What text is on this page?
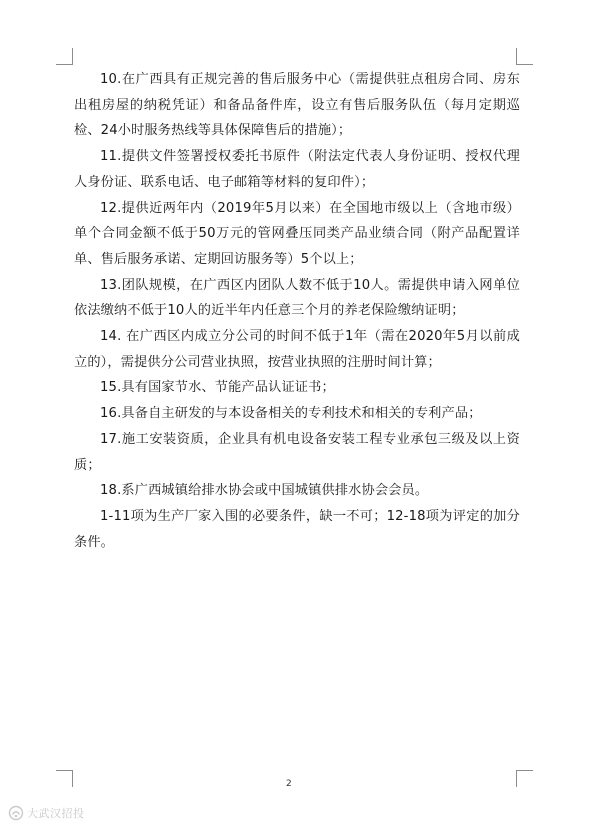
10.在广西具有正规完善的售后服务中心（需提供驻点租房合同、房东出租房屋的纳税凭证）和备品备件库，设立有售后服务队伍（每月定期巡检、24小时服务热线等具体保障售后的措施）；

11.提供文件签署授权委托书原件（附法定代表人身份证明、授权代理人身份证、联系电话、电子邮箱等材料的复印件）；

12.提供近两年内（2019年5月以来）在全国地市级以上（含地市级）单个合同金额不低于50万元的管网叠压同类产品业绩合同（附产品配置详单、售后服务承诺、定期回访服务等）5个以上；

13.团队规模，在广西区内团队人数不低于10人。需提供申请入网单位依法缴纳不低于10人的近半年内任意三个月的养老保险缴纳证明；

14. 在广西区内成立分公司的时间不低于1年（需在2020年5月以前成立的），需提供分公司营业执照，按营业执照的注册时间计算；

15.具有国家节水、节能产品认证证书；

16.具备自主研发的与本设备相关的专利技术和相关的专利产品；

17.施工安装资质，企业具有机电设备安装工程专业承包三级及以上资质；

18.系广西城镇给排水协会或中国城镇供排水协会会员。

1-11项为生产厂家入围的必要条件，缺一不可；12-18项为评定的加分条件。

2
大武汉招投
